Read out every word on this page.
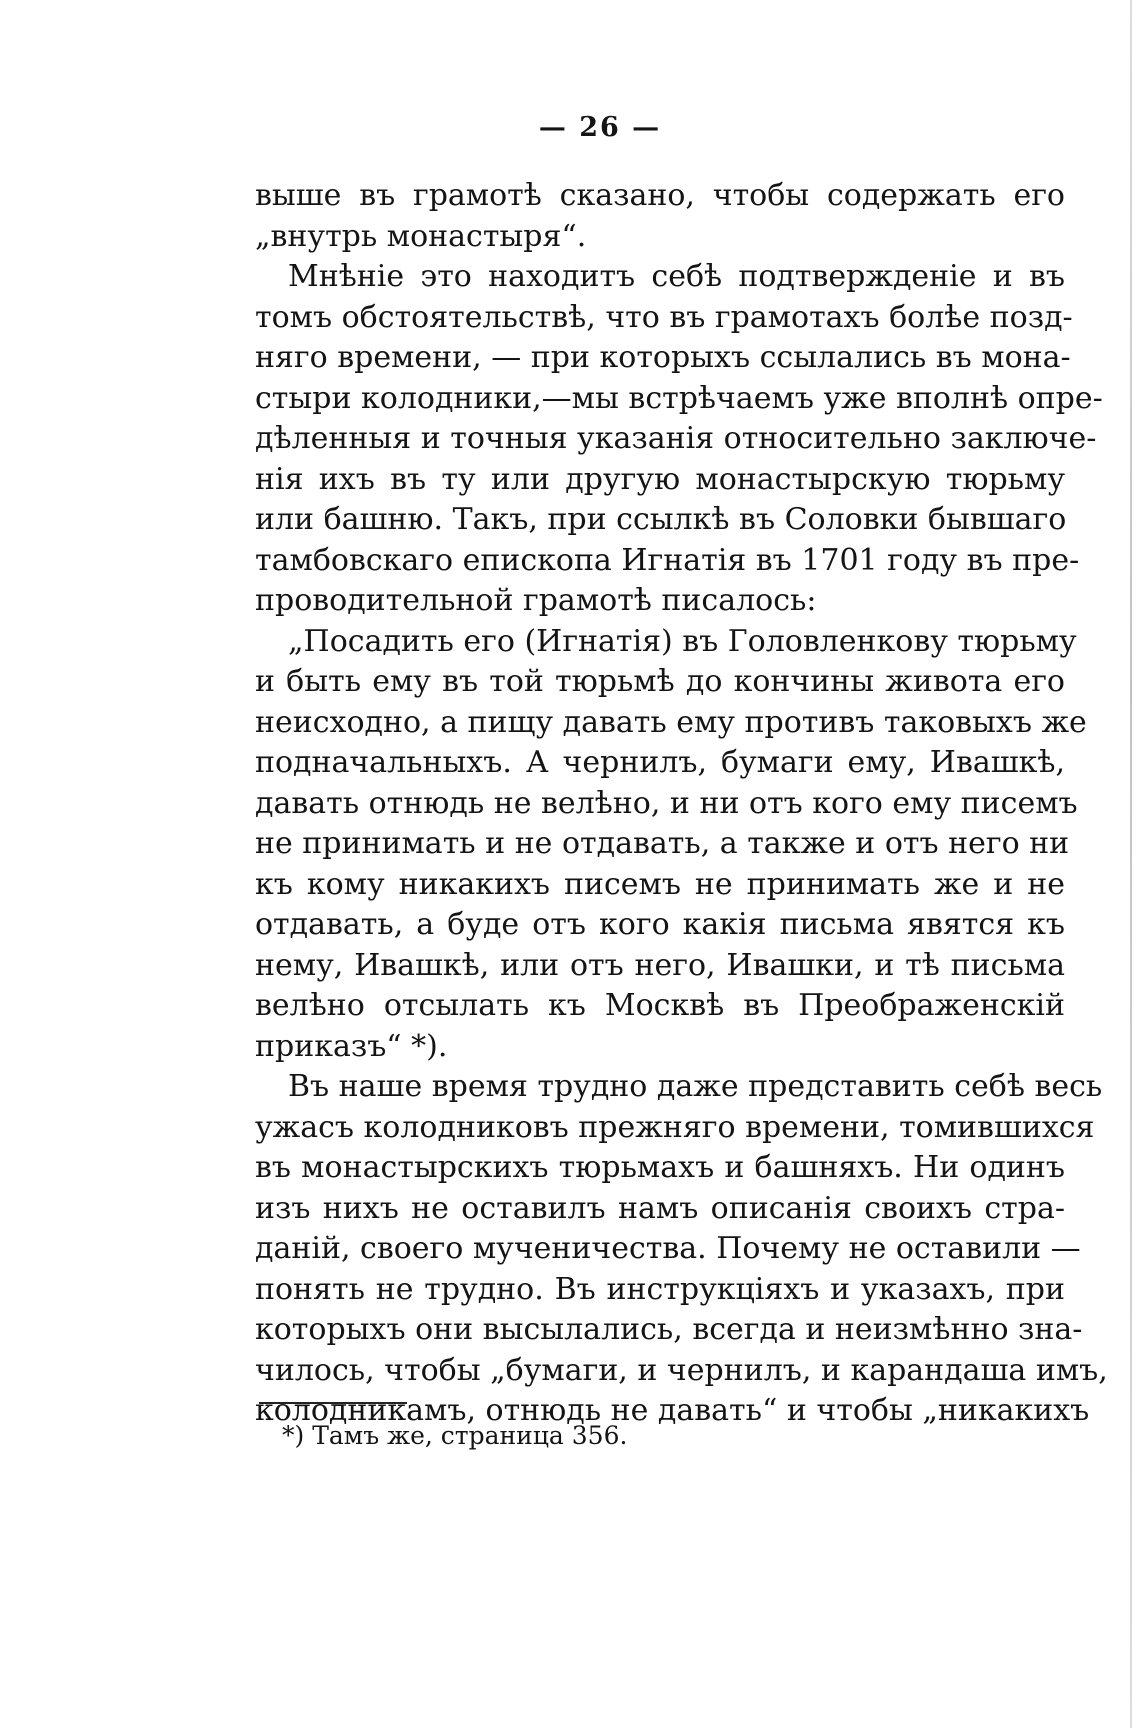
— 26 —
выше въ грамотѣ сказано, чтобы содержать его
„внутрь монастыря“.
Мнѣніе это находитъ себѣ подтвержденіе и въ
томъ обстоятельствѣ, что въ грамотахъ болѣе позд-
няго времени, — при которыхъ ссылались въ мона-
стыри колодники,—мы встрѣчаемъ уже вполнѣ опре-
дѣленныя и точныя указанія относительно заключе-
нія ихъ въ ту или другую монастырскую тюрьму
или башню. Такъ, при ссылкѣ въ Соловки бывшаго
тамбовскаго епископа Игнатія въ 1701 году въ пре-
проводительной грамотѣ писалось:
„Посадить его (Игнатія) въ Головленкову тюрьму
и быть ему въ той тюрьмѣ до кончины живота его
неисходно, а пищу давать ему противъ таковыхъ же
подначальныхъ. А чернилъ, бумаги ему, Ивашкѣ,
давать отнюдь не велѣно, и ни отъ кого ему писемъ
не принимать и не отдавать, а также и отъ него ни
къ кому никакихъ писемъ не принимать же и не
отдавать, а буде отъ кого какія письма явятся къ
нему, Ивашкѣ, или отъ него, Ивашки, и тѣ письма
велѣно отсылать къ Москвѣ въ Преображенскій
приказъ“ *).
Въ наше время трудно даже представить себѣ весь
ужасъ колодниковъ прежняго времени, томившихся
въ монастырскихъ тюрьмахъ и башняхъ. Ни одинъ
изъ нихъ не оставилъ намъ описанія своихъ стра-
даній, своего мученичества. Почему не оставили —
понять не трудно. Въ инструкціяхъ и указахъ, при
которыхъ они высылались, всегда и неизмѣнно зна-
чилось, чтобы „бумаги, и чернилъ, и карандаша имъ,
колодникамъ, отнюдь не давать“ и чтобы „никакихъ
*) Тамъ же, страница 356.
